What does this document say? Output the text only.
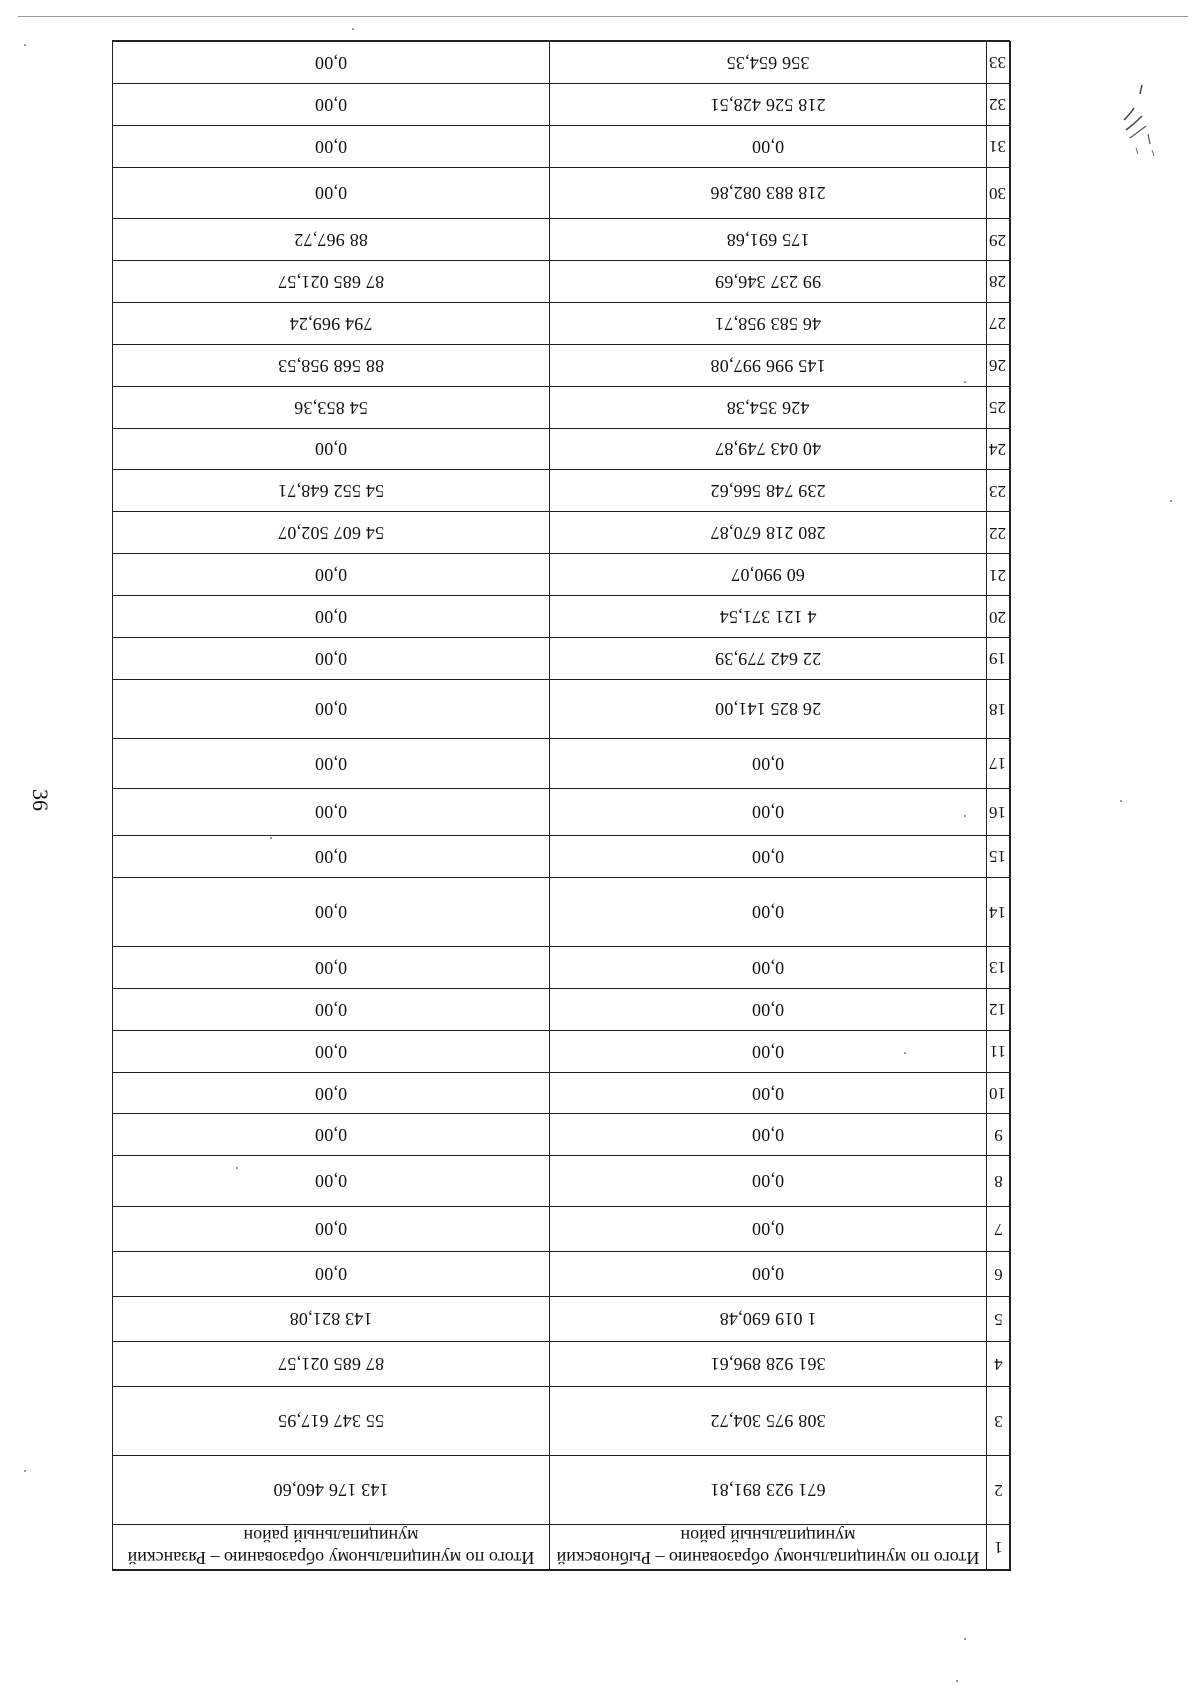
36
1	Итого по муниципальному образованию – Рыбновский муниципальный район	Итого по муниципальному образованию – Рязанский муниципальный район
2	671 923 891,81	143 176 460,60
3	308 975 304,72	55 347 617,95
4	361 928 896,61	87 685 021,57
5	1 019 690,48	143 821,08
6	0,00	0,00
7	0,00	0,00
8	0,00	0,00
9	0,00	0,00
10	0,00	0,00
11	0,00	0,00
12	0,00	0,00
13	0,00	0,00
14	0,00	0,00
15	0,00	0,00
16	0,00	0,00
17	0,00	0,00
18	26 825 141,00	0,00
19	22 642 779,39	0,00
20	4 121 371,54	0,00
21	60 990,07	0,00
22	280 218 670,87	54 607 502,07
23	239 748 566,62	54 552 648,71
24	40 043 749,87	0,00
25	426 354,38	54 853,36
26	145 996 997,08	88 568 958,53
27	46 583 958,71	794 969,24
28	99 237 346,69	87 685 021,57
29	175 691,68	88 967,72
30	218 883 082,86	0,00
31	0,00	0,00
32	218 526 428,51	0,00
33	356 654,35	0,00
